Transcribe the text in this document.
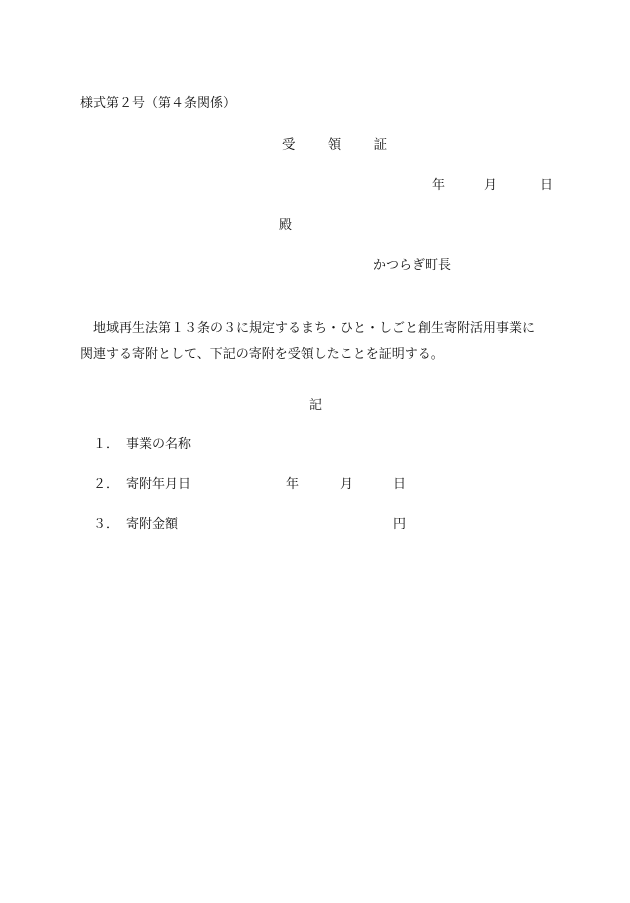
様式第２号（第４条関係）
受 領 証
年	月	日
殿
かつらぎ町長

　地域再生法第１３条の３に規定するまち・ひと・しごと創生寄附活用事業に

関連する寄附として、下記の寄附を受領したことを証明する。

記
１． 事業の名称
２． 寄附年月日	年	月	日
３． 寄附金額	円
